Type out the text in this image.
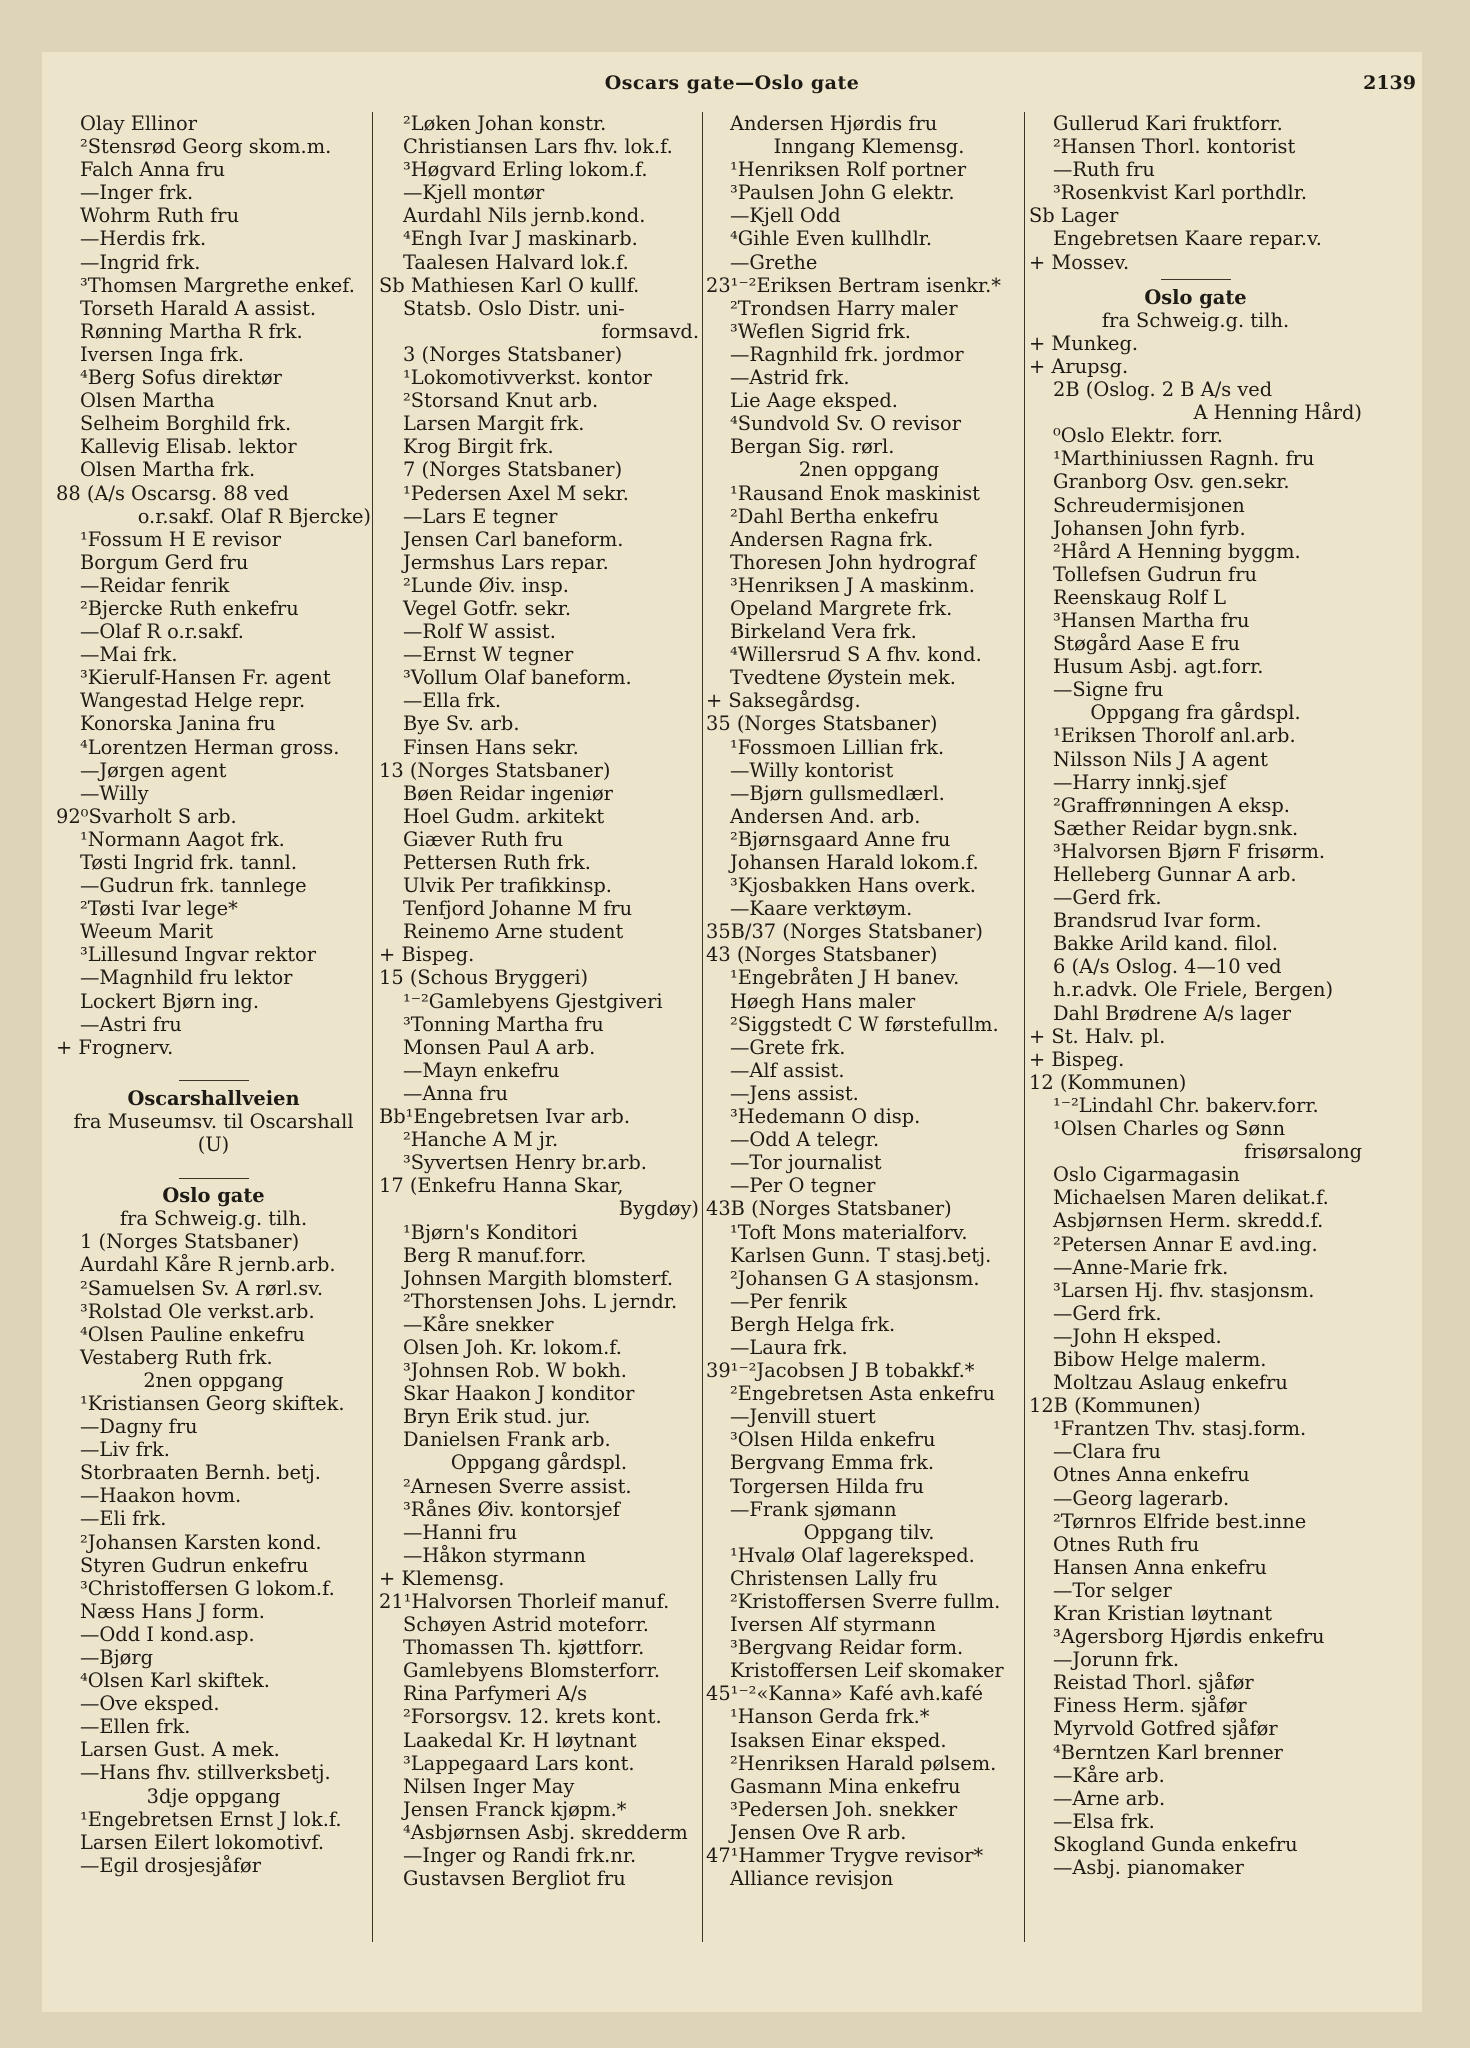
Oscars gate—Oslo gate	2139
Olay Ellinor
²Stensrød Georg skom.m.
Falch Anna fru
—Inger frk.
Wohrm Ruth fru
—Herdis frk.
—Ingrid frk.
³Thomsen Margrethe enkef.
Torseth Harald A assist.
Rønning Martha R frk.
Iversen Inga frk.
⁴Berg Sofus direktør
Olsen Martha
Selheim Borghild frk.
Kallevig Elisab. lektor
Olsen Martha frk.
88 (A/s Oscarsg. 88 ved
o.r.sakf. Olaf R Bjercke)
¹Fossum H E revisor
Borgum Gerd fru
—Reidar fenrik
²Bjercke Ruth enkefru
—Olaf R o.r.sakf.
—Mai frk.
³Kierulf-Hansen Fr. agent
Wangestad Helge repr.
Konorska Janina fru
⁴Lorentzen Herman gross.
—Jørgen agent
—Willy
92⁰Svarholt S arb.
¹Normann Aagot frk.
Tøsti Ingrid frk. tannl.
—Gudrun frk. tannlege
²Tøsti Ivar lege*
Weeum Marit
³Lillesund Ingvar rektor
—Magnhild fru lektor
Lockert Bjørn ing.
—Astri fru
+ Frognerv.
Oscarshallveien
fra Museumsv. til Oscarshall
(U)
Oslo gate
fra Schweig.g. tilh.
1 (Norges Statsbaner)
Aurdahl Kåre R jernb.arb.
²Samuelsen Sv. A rørl.sv.
³Rolstad Ole verkst.arb.
⁴Olsen Pauline enkefru
Vestaberg Ruth frk.
2nen oppgang
¹Kristiansen Georg skiftek.
—Dagny fru
—Liv frk.
Storbraaten Bernh. betj.
—Haakon hovm.
—Eli frk.
²Johansen Karsten kond.
Styren Gudrun enkefru
³Christoffersen G lokom.f.
Næss Hans J form.
—Odd I kond.asp.
—Bjørg
⁴Olsen Karl skiftek.
—Ove eksped.
—Ellen frk.
Larsen Gust. A mek.
—Hans fhv. stillverksbetj.
3dje oppgang
¹Engebretsen Ernst J lok.f.
Larsen Eilert lokomotivf.
—Egil drosjesjåfør
²Løken Johan konstr.
Christiansen Lars fhv. lok.f.
³Høgvard Erling lokom.f.
—Kjell montør
Aurdahl Nils jernb.kond.
⁴Engh Ivar J maskinarb.
Taalesen Halvard lok.f.
Sb Mathiesen Karl O kullf.
Statsb. Oslo Distr. uni-
formsavd.
3 (Norges Statsbaner)
¹Lokomotivverkst. kontor
²Storsand Knut arb.
Larsen Margit frk.
Krog Birgit frk.
7 (Norges Statsbaner)
¹Pedersen Axel M sekr.
—Lars E tegner
Jensen Carl baneform.
Jermshus Lars repar.
²Lunde Øiv. insp.
Vegel Gotfr. sekr.
—Rolf W assist.
—Ernst W tegner
³Vollum Olaf baneform.
—Ella frk.
Bye Sv. arb.
Finsen Hans sekr.
13 (Norges Statsbaner)
Bøen Reidar ingeniør
Hoel Gudm. arkitekt
Giæver Ruth fru
Pettersen Ruth frk.
Ulvik Per trafikkinsp.
Tenfjord Johanne M fru
Reinemo Arne student
+ Bispeg.
15 (Schous Bryggeri)
¹⁻²Gamlebyens Gjestgiveri
³Tonning Martha fru
Monsen Paul A arb.
—Mayn enkefru
—Anna fru
Bb¹Engebretsen Ivar arb.
²Hanche A M jr.
³Syvertsen Henry br.arb.
17 (Enkefru Hanna Skar,
Bygdøy)
¹Bjørn's Konditori
Berg R manuf.forr.
Johnsen Margith blomsterf.
²Thorstensen Johs. L jerndr.
—Kåre snekker
Olsen Joh. Kr. lokom.f.
³Johnsen Rob. W bokh.
Skar Haakon J konditor
Bryn Erik stud. jur.
Danielsen Frank arb.
Oppgang gårdspl.
²Arnesen Sverre assist.
³Rånes Øiv. kontorsjef
—Hanni fru
—Håkon styrmann
+ Klemensg.
21¹Halvorsen Thorleif manuf.
Schøyen Astrid moteforr.
Thomassen Th. kjøttforr.
Gamlebyens Blomsterforr.
Rina Parfymeri A/s
²Forsorgsv. 12. krets kont.
Laakedal Kr. H løytnant
³Lappegaard Lars kont.
Nilsen Inger May
Jensen Franck kjøpm.*
⁴Asbjørnsen Asbj. skredderm
—Inger og Randi frk.nr.
Gustavsen Bergliot fru
Andersen Hjørdis fru
Inngang Klemensg.
¹Henriksen Rolf portner
³Paulsen John G elektr.
—Kjell Odd
⁴Gihle Even kullhdlr.
—Grethe
23¹⁻²Eriksen Bertram isenkr.*
²Trondsen Harry maler
³Weflen Sigrid frk.
—Ragnhild frk. jordmor
—Astrid frk.
Lie Aage eksped.
⁴Sundvold Sv. O revisor
Bergan Sig. rørl.
2nen oppgang
¹Rausand Enok maskinist
²Dahl Bertha enkefru
Andersen Ragna frk.
Thoresen John hydrograf
³Henriksen J A maskinm.
Opeland Margrete frk.
Birkeland Vera frk.
⁴Willersrud S A fhv. kond.
Tvedtene Øystein mek.
+ Saksegårdsg.
35 (Norges Statsbaner)
¹Fossmoen Lillian frk.
—Willy kontorist
—Bjørn gullsmedlærl.
Andersen And. arb.
²Bjørnsgaard Anne fru
Johansen Harald lokom.f.
³Kjosbakken Hans overk.
—Kaare verktøym.
35B/37 (Norges Statsbaner)
43 (Norges Statsbaner)
¹Engebråten J H banev.
Høegh Hans maler
²Siggstedt C W førstefullm.
—Grete frk.
—Alf assist.
—Jens assist.
³Hedemann O disp.
—Odd A telegr.
—Tor journalist
—Per O tegner
43B (Norges Statsbaner)
¹Toft Mons materialforv.
Karlsen Gunn. T stasj.betj.
²Johansen G A stasjonsm.
—Per fenrik
Bergh Helga frk.
—Laura frk.
39¹⁻²Jacobsen J B tobakkf.*
²Engebretsen Asta enkefru
—Jenvill stuert
³Olsen Hilda enkefru
Bergvang Emma frk.
Torgersen Hilda fru
—Frank sjømann
Oppgang tilv.
¹Hvalø Olaf lagereksped.
Christensen Lally fru
²Kristoffersen Sverre fullm.
Iversen Alf styrmann
³Bergvang Reidar form.
Kristoffersen Leif skomaker
45¹⁻²«Kanna» Kafé avh.kafé
¹Hanson Gerda frk.*
Isaksen Einar eksped.
²Henriksen Harald pølsem.
Gasmann Mina enkefru
³Pedersen Joh. snekker
Jensen Ove R arb.
47¹Hammer Trygve revisor*
Alliance revisjon
Gullerud Kari fruktforr.
²Hansen Thorl. kontorist
—Ruth fru
³Rosenkvist Karl porthdlr.
Sb Lager
Engebretsen Kaare repar.v.
+ Mossev.
Oslo gate
fra Schweig.g. tilh.
+ Munkeg.
+ Arupsg.
2B (Oslog. 2 B A/s ved
A Henning Hård)
⁰Oslo Elektr. forr.
¹Marthiniussen Ragnh. fru
Granborg Osv. gen.sekr.
Schreudermisjonen
Johansen John fyrb.
²Hård A Henning byggm.
Tollefsen Gudrun fru
Reenskaug Rolf L
³Hansen Martha fru
Støgård Aase E fru
Husum Asbj. agt.forr.
—Signe fru
Oppgang fra gårdspl.
¹Eriksen Thorolf anl.arb.
Nilsson Nils J A agent
—Harry innkj.sjef
²Graffrønningen A eksp.
Sæther Reidar bygn.snk.
³Halvorsen Bjørn F frisørm.
Helleberg Gunnar A arb.
—Gerd frk.
Brandsrud Ivar form.
Bakke Arild kand. filol.
6 (A/s Oslog. 4—10 ved
h.r.advk. Ole Friele, Bergen)
Dahl Brødrene A/s lager
+ St. Halv. pl.
+ Bispeg.
12 (Kommunen)
¹⁻²Lindahl Chr. bakerv.forr.
¹Olsen Charles og Sønn
frisørsalong
Oslo Cigarmagasin
Michaelsen Maren delikat.f.
Asbjørnsen Herm. skredd.f.
²Petersen Annar E avd.ing.
—Anne-Marie frk.
³Larsen Hj. fhv. stasjonsm.
—Gerd frk.
—John H eksped.
Bibow Helge malerm.
Moltzau Aslaug enkefru
12B (Kommunen)
¹Frantzen Thv. stasj.form.
—Clara fru
Otnes Anna enkefru
—Georg lagerarb.
²Tørnros Elfride best.inne
Otnes Ruth fru
Hansen Anna enkefru
—Tor selger
Kran Kristian løytnant
³Agersborg Hjørdis enkefru
—Jorunn frk.
Reistad Thorl. sjåfør
Finess Herm. sjåfør
Myrvold Gotfred sjåfør
⁴Berntzen Karl brenner
—Kåre arb.
—Arne arb.
—Elsa frk.
Skogland Gunda enkefru
—Asbj. pianomaker
